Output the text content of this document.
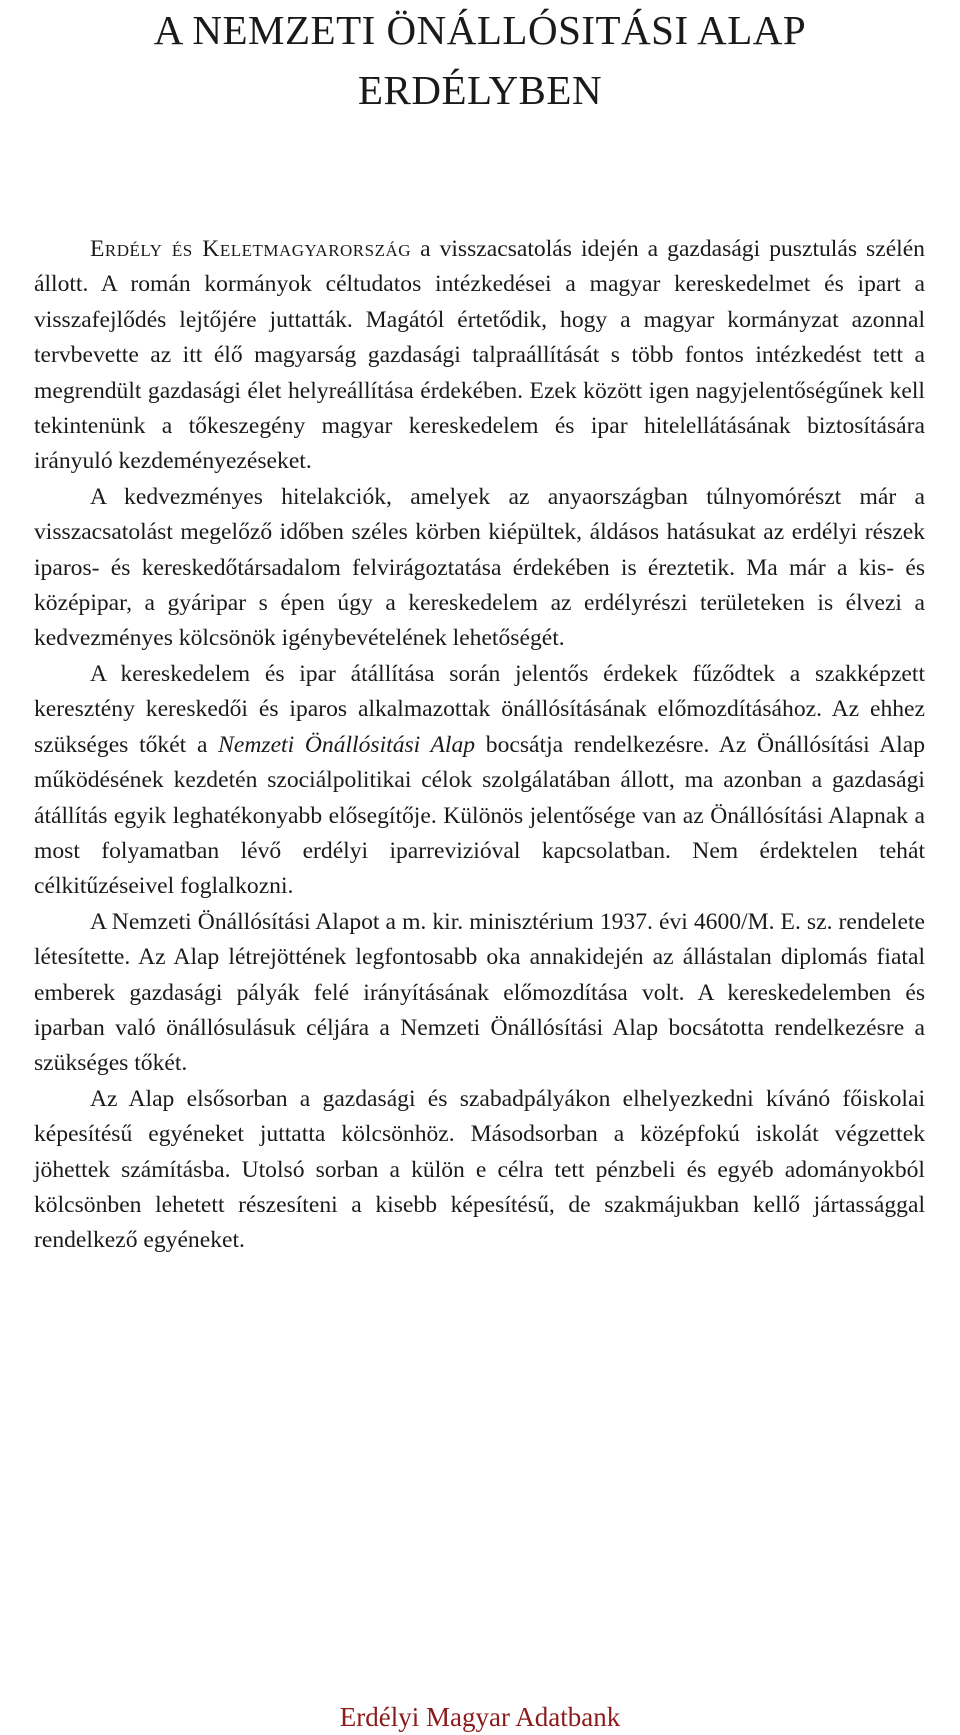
A NEMZETI ÖNÁLLÓSITÁSI ALAP
ERDÉLYBEN

Erdély és Keletmagyarország a visszacsatolás idején a gazdasági pusztulás szélén állott. A román kormányok céltudatos intézkedései a magyar kereskedelmet és ipart a visszafejlődés lejtőjére juttatták. Magától értetődik, hogy a magyar kormányzat azonnal tervbevette az itt élő magyarság gazdasági talpraállítását s több fontos intézkedést tett a megrendült gazdasági élet helyreállítása érdekében. Ezek között igen nagyjelentőségűnek kell tekintenünk a tőkeszegény magyar kereskedelem és ipar hitelellátásának biztosítására irányuló kezdeményezéseket.

A kedvezményes hitelakciók, amelyek az anyaországban túlnyomórészt már a visszacsatolást megelőző időben széles körben kiépültek, áldásos hatásukat az erdélyi részek iparos- és kereskedőtársadalom felvirágoztatása érdekében is éreztetik. Ma már a kis- és középipar, a gyáripar s épen úgy a kereskedelem az erdélyrészi területeken is élvezi a kedvezményes kölcsönök igénybevételének lehetőségét.

A kereskedelem és ipar átállítása során jelentős érdekek fűződtek a szakképzett keresztény kereskedői és iparos alkalmazottak önállósításának előmozdításához. Az ehhez szükséges tőkét a Nemzeti Önállósitási Alap bocsátja rendelkezésre. Az Önállósítási Alap működésének kezdetén szociálpolitikai célok szolgálatában állott, ma azonban a gazdasági átállítás egyik leghatékonyabb elősegítője. Különös jelentősége van az Önállósítási Alapnak a most folyamatban lévő erdélyi iparrevizióval kapcsolatban. Nem érdektelen tehát célkitűzéseivel foglalkozni.

A Nemzeti Önállósítási Alapot a m. kir. minisztérium 1937. évi 4600/M. E. sz. rendelete létesítette. Az Alap létrejöttének legfontosabb oka annakidején az állástalan diplomás fiatal emberek gazdasági pályák felé irányításának előmozdítása volt. A kereskedelemben és iparban való önállósulásuk céljára a Nemzeti Önállósítási Alap bocsátotta rendelkezésre a szükséges tőkét.

Az Alap elsősorban a gazdasági és szabadpályákon elhelyezkedni kívánó főiskolai képesítésű egyéneket juttatta kölcsönhöz. Másodsorban a középfokú iskolát végzettek jöhettek számításba. Utolsó sorban a külön e célra tett pénzbeli és egyéb adományokból kölcsönben lehetett részesíteni a kisebb képesítésű, de szakmájukban kellő jártassággal rendelkező egyéneket.

Erdélyi Magyar Adatbank
